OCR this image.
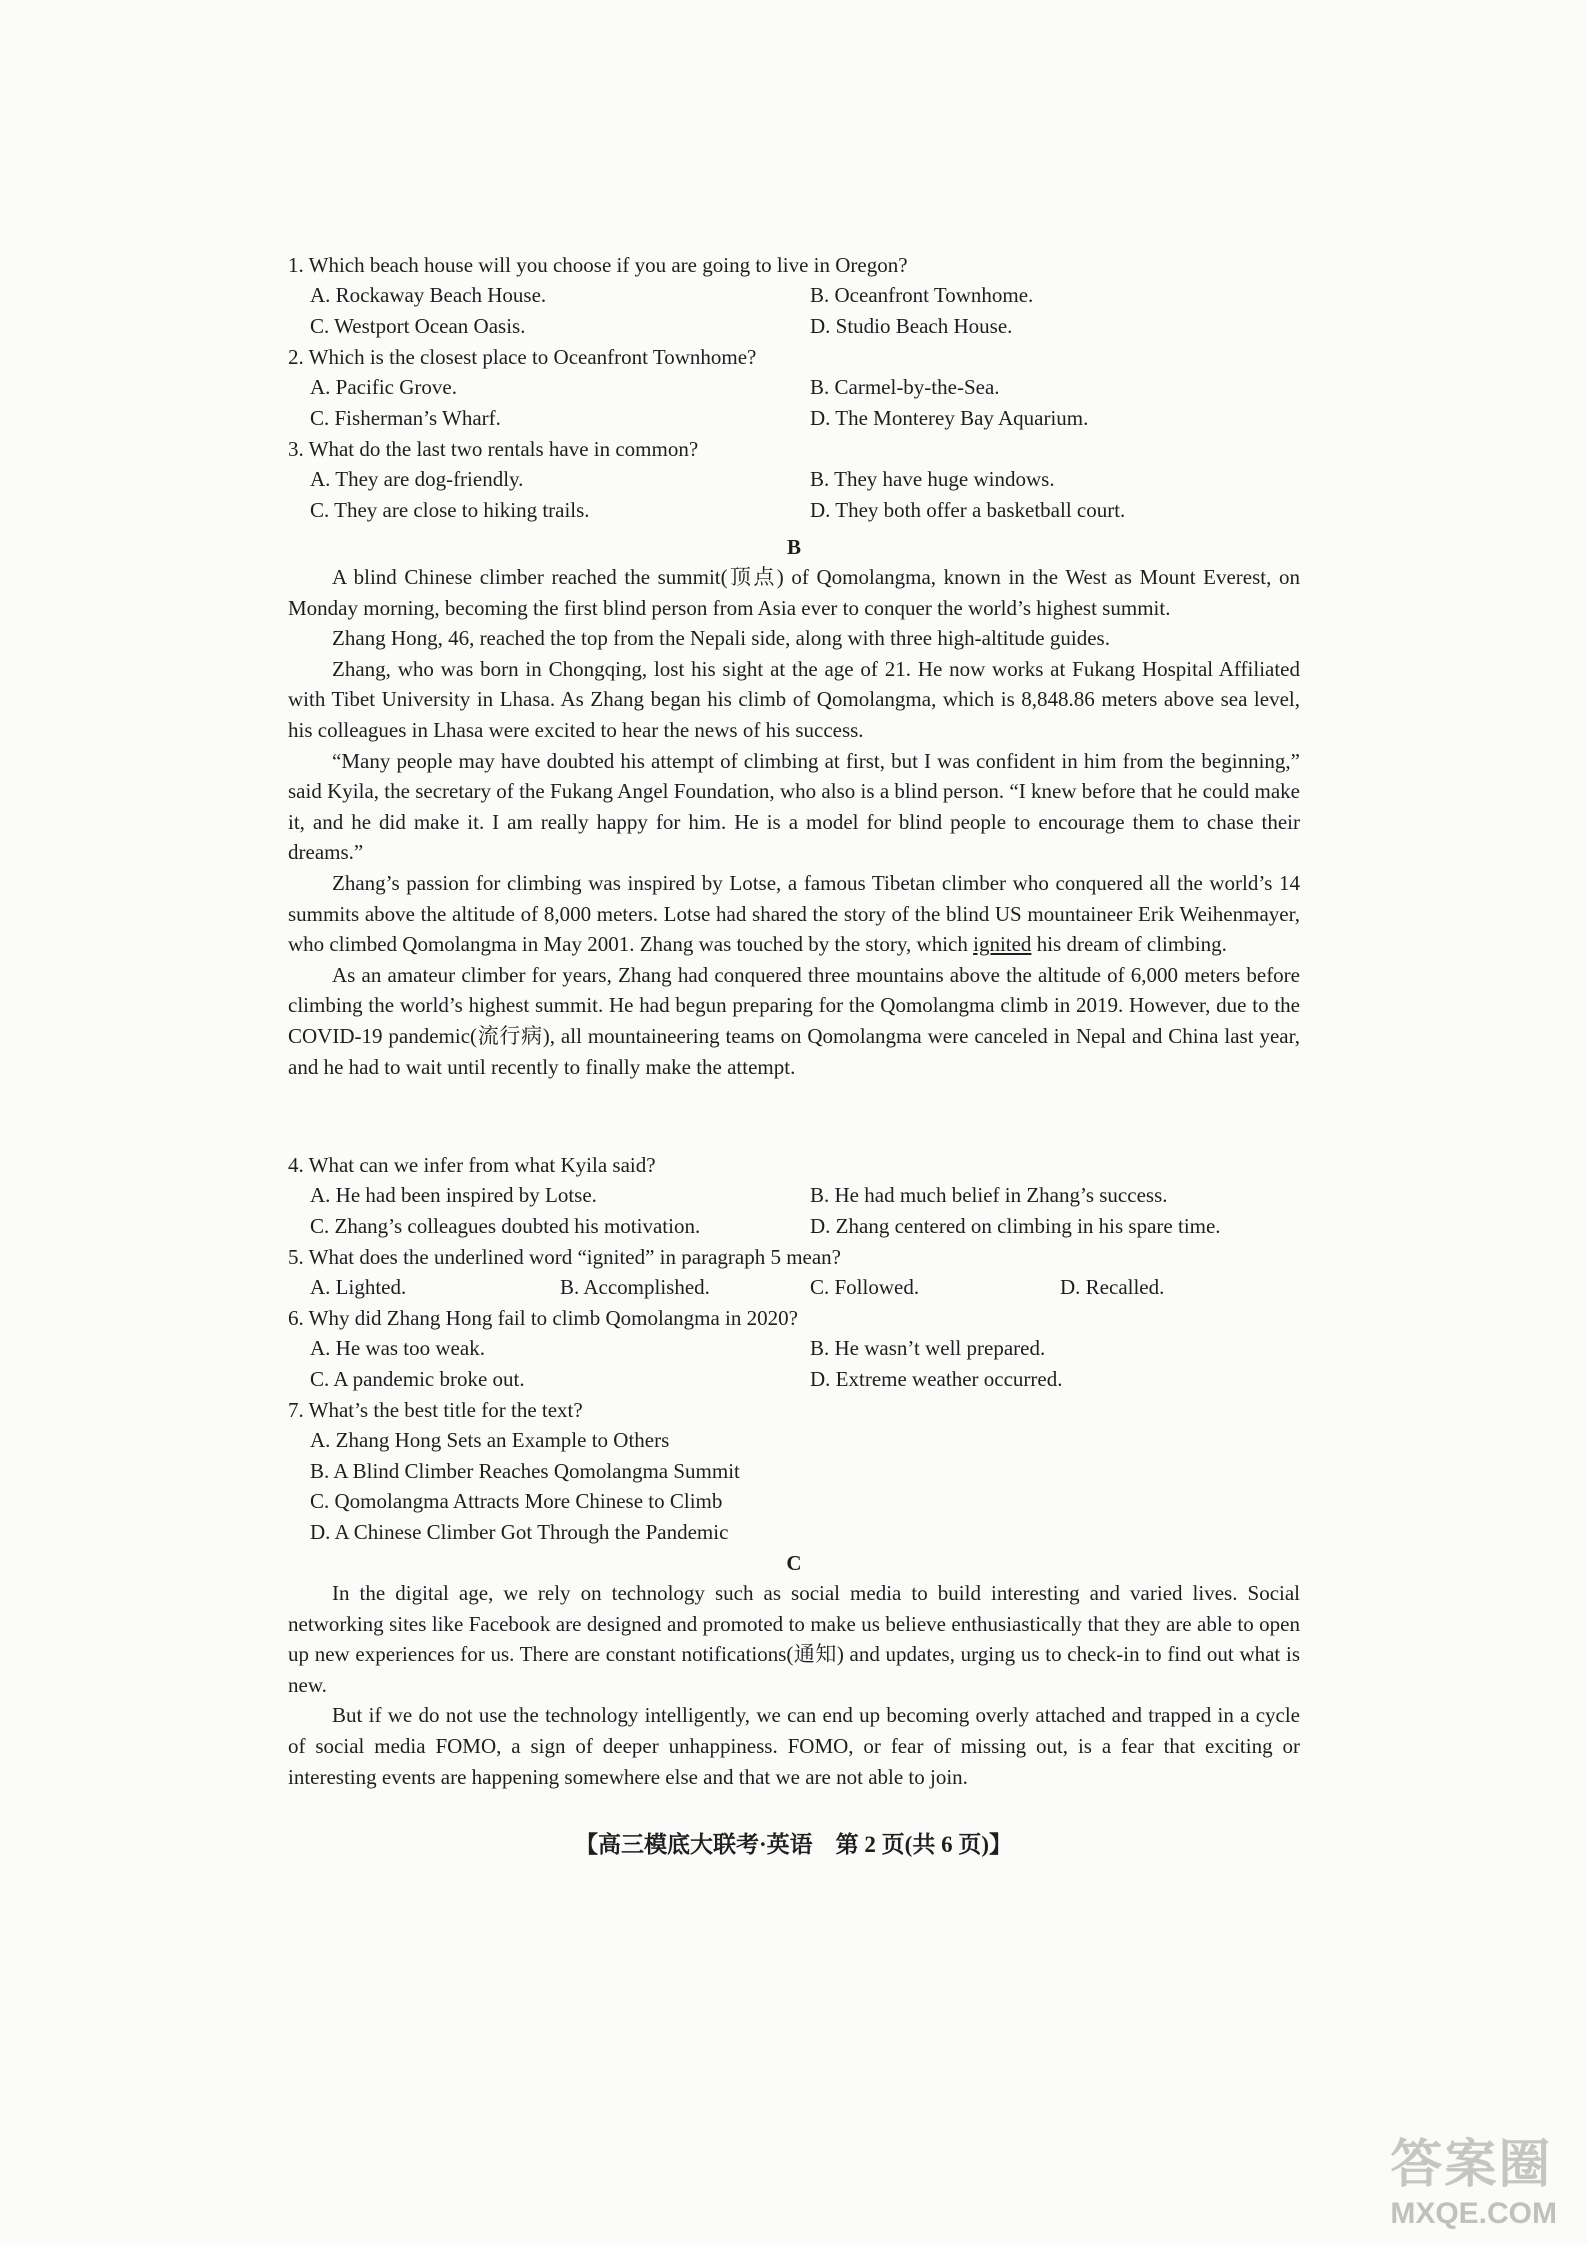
1. Which beach house will you choose if you are going to live in Oregon?
A. Rockaway Beach House.	B. Oceanfront Townhome.
C. Westport Ocean Oasis.	D. Studio Beach House.
2. Which is the closest place to Oceanfront Townhome?
A. Pacific Grove.	B. Carmel-by-the-Sea.
C. Fisherman’s Wharf.	D. The Monterey Bay Aquarium.
3. What do the last two rentals have in common?
A. They are dog-friendly.	B. They have huge windows.
C. They are close to hiking trails.	D. They both offer a basketball court.
B

A blind Chinese climber reached the summit(顶点) of Qomolangma, known in the West as Mount Everest, on Monday morning, becoming the first blind person from Asia ever to conquer the world’s highest summit.

Zhang Hong, 46, reached the top from the Nepali side, along with three high-altitude guides.

Zhang, who was born in Chongqing, lost his sight at the age of 21. He now works at Fukang Hospital Affiliated with Tibet University in Lhasa. As Zhang began his climb of Qomolangma, which is 8,848.86 meters above sea level, his colleagues in Lhasa were excited to hear the news of his success.

“Many people may have doubted his attempt of climbing at first, but I was confident in him from the beginning,” said Kyila, the secretary of the Fukang Angel Foundation, who also is a blind person. “I knew before that he could make it, and he did make it. I am really happy for him. He is a model for blind people to encourage them to chase their dreams.”

Zhang’s passion for climbing was inspired by Lotse, a famous Tibetan climber who conquered all the world’s 14 summits above the altitude of 8,000 meters. Lotse had shared the story of the blind US mountaineer Erik Weihenmayer, who climbed Qomolangma in May 2001. Zhang was touched by the story, which ignited his dream of climbing.

As an amateur climber for years, Zhang had conquered three mountains above the altitude of 6,000 meters before climbing the world’s highest summit. He had begun preparing for the Qomolangma climb in 2019. However, due to the COVID-19 pandemic(流行病), all mountaineering teams on Qomolangma were canceled in Nepal and China last year, and he had to wait until recently to finally make the attempt.

4. What can we infer from what Kyila said?
A. He had been inspired by Lotse.	B. He had much belief in Zhang’s success.
C. Zhang’s colleagues doubted his motivation.	D. Zhang centered on climbing in his spare time.
5. What does the underlined word “ignited” in paragraph 5 mean?
A. Lighted.	B. Accomplished.	C. Followed.	D. Recalled.
6. Why did Zhang Hong fail to climb Qomolangma in 2020?
A. He was too weak.	B. He wasn’t well prepared.
C. A pandemic broke out.	D. Extreme weather occurred.
7. What’s the best title for the text?
A. Zhang Hong Sets an Example to Others
B. A Blind Climber Reaches Qomolangma Summit
C. Qomolangma Attracts More Chinese to Climb
D. A Chinese Climber Got Through the Pandemic
C

In the digital age, we rely on technology such as social media to build interesting and varied lives. Social networking sites like Facebook are designed and promoted to make us believe enthusiastically that they are able to open up new experiences for us. There are constant notifications(通知) and updates, urging us to check-in to find out what is new.

But if we do not use the technology intelligently, we can end up becoming overly attached and trapped in a cycle of social media FOMO, a sign of deeper unhappiness. FOMO, or fear of missing out, is a fear that exciting or interesting events are happening somewhere else and that we are not able to join.

【高三模底大联考·英语　第 2 页(共 6 页)】
答案圈
MXQE.COM
